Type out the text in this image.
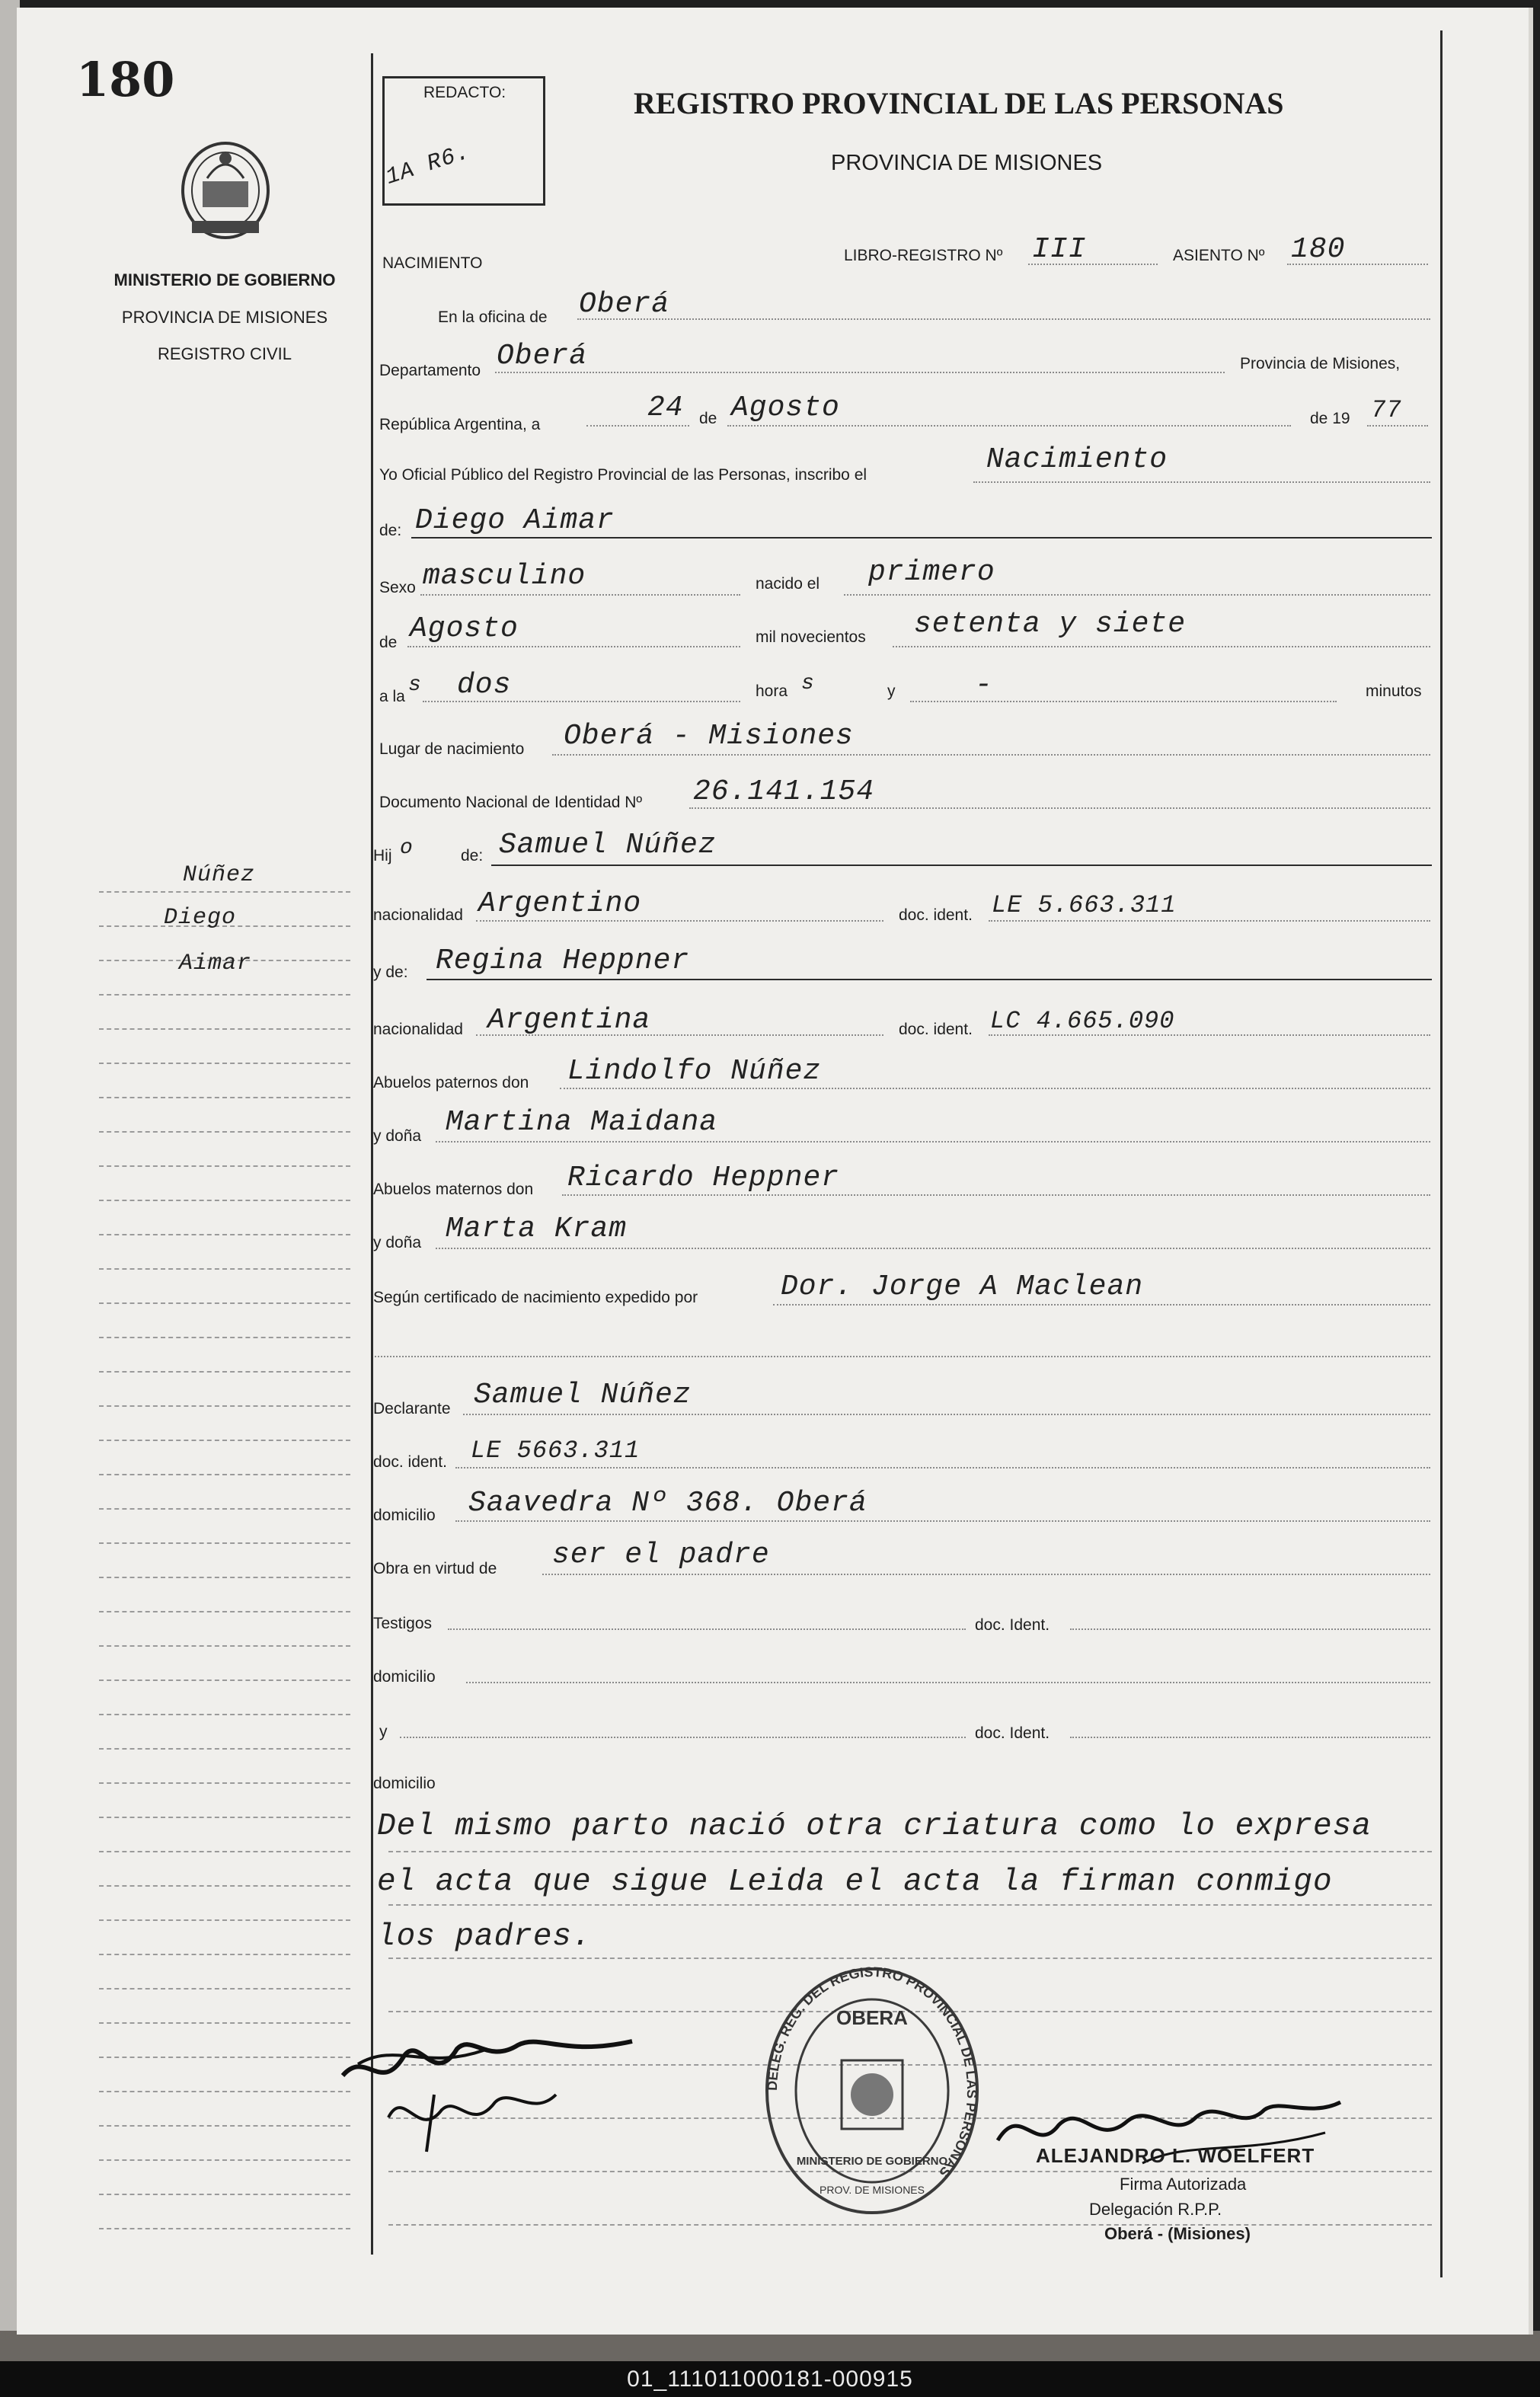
180
MINISTERIO DE GOBIERNO
PROVINCIA DE MISIONES
REGISTRO CIVIL
REDACTO:
1A R6.
REGISTRO PROVINCIAL DE LAS PERSONAS
PROVINCIA DE MISIONES
NACIMIENTO	LIBRO-REGISTRO Nº III	ASIENTO Nº 180
En la oficina de Oberá
Departamento Oberá	Provincia de Misiones,
República Argentina, a
24 de Agosto	de 19 77
Yo Oficial Público del Registro Provincial de las Personas, inscribo el	Nacimiento
de: Diego Aimar
Sexo masculino	nacido el primero
de Agosto	mil novecientos setenta y siete
a la s dos	hora s	y	-	minutos
Lugar de nacimiento Oberá - Misiones
Documento Nacional de Identidad Nº 26.141.154
Hij o	de: Samuel Núñez
nacionalidad Argentino	doc. ident. LE 5.663.311
y de: Regina Heppner
nacionalidad Argentina	doc. ident. LC 4.665.090
Abuelos paternos don Lindolfo Núñez
y doña Martina Maidana
Abuelos maternos don Ricardo Heppner
y doña Marta Kram
Según certificado de nacimiento expedido por	Dor. Jorge A Maclean
Declarante Samuel Núñez
doc. ident. LE 5663.311
domicilio Saavedra Nº 368. Oberá
Obra en virtud de ser el padre
Testigos	doc. Ident.
domicilio
y	doc. Ident.
domicilio
Del mismo parto nació otra criatura como lo expresa
el acta que sigue Leida el acta la firman conmigo
los padres.
Núñez
Diego
Aimar
DELEG. REG. DEL REGISTRO PROVINCIAL DE LAS PERSONAS
OBERA
MINISTERIO DE GOBIERNO
PROV. DE MISIONES
ALEJANDRO L. WOELFERT
Firma Autorizada
Delegación R.P.P.
Oberá - (Misiones)
01_111011000181-000915
